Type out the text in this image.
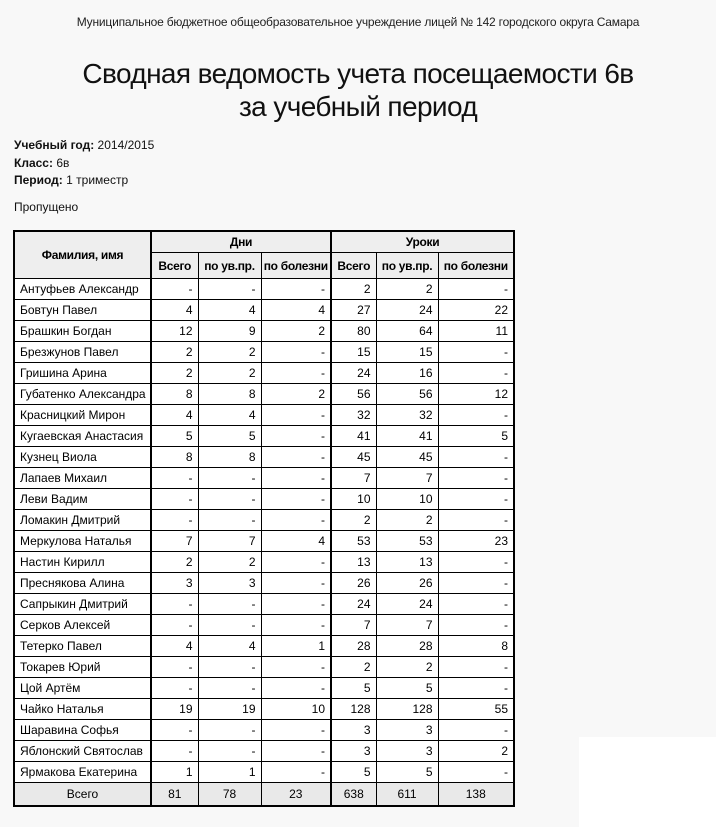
Муниципальное бюджетное общеобразовательное учреждение лицей № 142 городского округа Самара
Сводная ведомость учета посещаемости 6в
за учебный период
Учебный год: 2014/2015
Класс: 6в
Период: 1 триместр
Пропущено
Фамилия, имя	Дни			Уроки		
	Всего	по ув.пр.	по болезни	Всего	по ув.пр.	по болезни
Антуфьев Александр	-	-	-	2	2	-
Бовтун Павел	4	4	4	27	24	22
Брашкин Богдан	12	9	2	80	64	11
Брезжунов Павел	2	2	-	15	15	-
Гришина Арина	2	2	-	24	16	-
Губатенко Александра	8	8	2	56	56	12
Красницкий Мирон	4	4	-	32	32	-
Кугаевская Анастасия	5	5	-	41	41	5
Кузнец Виола	8	8	-	45	45	-
Лапаев Михаил	-	-	-	7	7	-
Леви Вадим	-	-	-	10	10	-
Ломакин Дмитрий	-	-	-	2	2	-
Меркулова Наталья	7	7	4	53	53	23
Настин Кирилл	2	2	-	13	13	-
Преснякова Алина	3	3	-	26	26	-
Сапрыкин Дмитрий	-	-	-	24	24	-
Серков Алексей	-	-	-	7	7	-
Тетерко Павел	4	4	1	28	28	8
Токарев Юрий	-	-	-	2	2	-
Цой Артём	-	-	-	5	5	-
Чайко Наталья	19	19	10	128	128	55
Шаравина Софья	-	-	-	3	3	-
Яблонский Святослав	-	-	-	3	3	2
Ярмакова Екатерина	1	1	-	5	5	-
Всего	81	78	23	638	611	138
